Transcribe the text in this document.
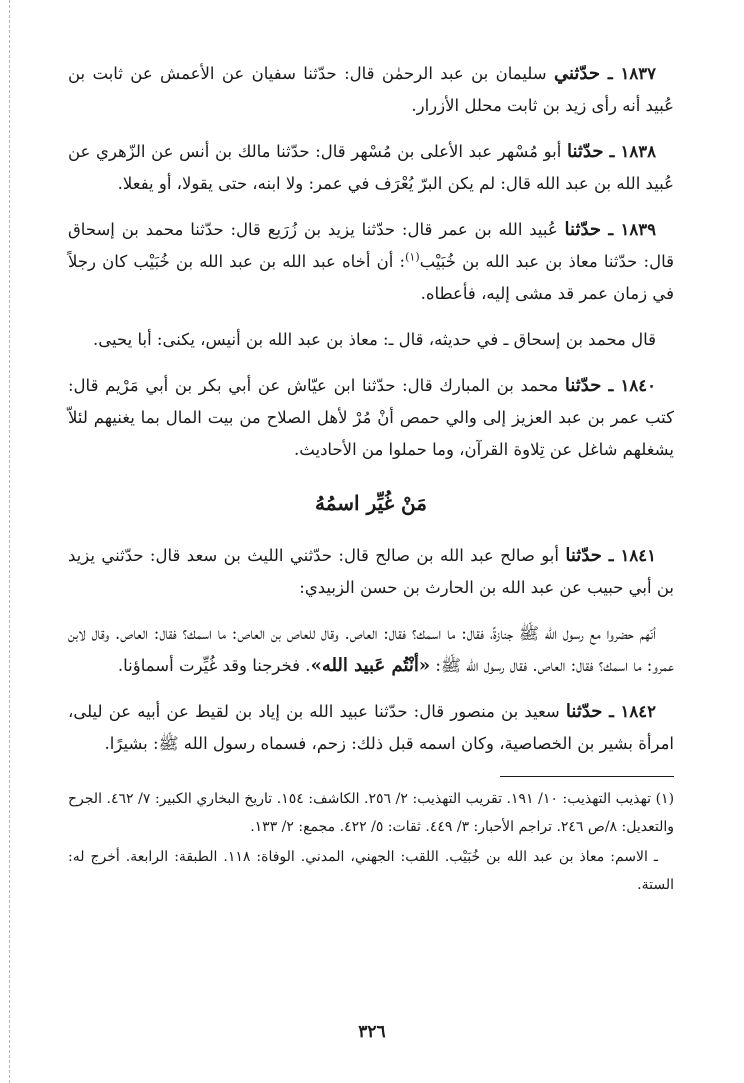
١٨٣٧ ـ حدّثني سليمان بن عبد الرحمٰن قال: حدّثنا سفيان عن الأعمش عن ثابت بن عُبيد أنه رأى زيد بن ثابت محلل الأزرار.

١٨٣٨ ـ حدّثنا أبو مُسْهر عبد الأعلى بن مُسْهر قال: حدّثنا مالك بن أنس عن الزّهري عن عُبيد الله بن عبد الله قال: لم يكن البرّ يُعْرَف في عمر: ولا ابنه، حتى يقولا، أو يفعلا.

١٨٣٩ ـ حدّثنا عُبيد الله بن عمر قال: حدّثنا يزيد بن زُرَيع قال: حدّثنا محمد بن إسحاق قال: حدّثنا معاذ بن عبد الله بن خُبَيْب$^{(١)}$: أن أخاه عبد الله بن عبد الله بن خُبَيْب كان رجلاً في زمان عمر قد مشى إليه، فأعطاه.

قال محمد بن إسحاق ـ في حديثه، قال ـ: معاذ بن عبد الله بن أنيس، يكنى: أبا يحيى.

١٨٤٠ ـ حدّثنا محمد بن المبارك قال: حدّثنا ابن عيّاش عن أبي بكر بن أبي مَرْيم قال: كتب عمر بن عبد العزيز إلى والي حمص أنْ مُرْ لأهل الصلاح من بيت المال بما يغنيهم لئلاّ يشغلهم شاغل عن تِلاوة القرآن، وما حملوا من الأحاديث.

مَنْ غُيِّر اسمُهُ

١٨٤١ ـ حدّثنا أبو صالح عبد الله بن صالح قال: حدّثني الليث بن سعد قال: حدّثني يزيد بن أبي حبيب عن عبد الله بن الحارث بن حسن الزبيدي:

أنّهم حضروا مع رسول الله ﷺ جنازةً، فقال: ما اسمك؟ فقال: العاص. وقال للعاص بن العاص: ما اسمك؟ فقال: العاص. وقال لابن عمرو: ما اسمك؟ فقال: العاص. فقال رسول الله ﷺ: «أنْتُم عَبيد الله». فخرجنا وقد غُيِّرت أسماؤنا.

١٨٤٢ ـ حدّثنا سعيد بن منصور قال: حدّثنا عبيد الله بن إياد بن لقيط عن أبيه عن ليلى، امرأة بشير بن الخصاصية، وكان اسمه قبل ذلك: زحم، فسماه رسول الله ﷺ: بشيرًا.

(١) تهذيب التهذيب: ١٠/ ١٩١. تقريب التهذيب: ٢/ ٢٥٦. الكاشف: ١٥٤. تاريخ البخاري الكبير: ٧/ ٤٦٢. الجرح والتعديل: ٨/ص ٢٤٦. تراجم الأحبار: ٣/ ٤٤٩. ثقات: ٥/ ٤٢٢. مجمع: ٢/ ١٣٣.

ـ الاسم: معاذ بن عبد الله بن خُبَيْب. اللقب: الجهني، المدني. الوفاة: ١١٨. الطبقة: الرابعة. أخرج له: الستة.

٣٢٦
